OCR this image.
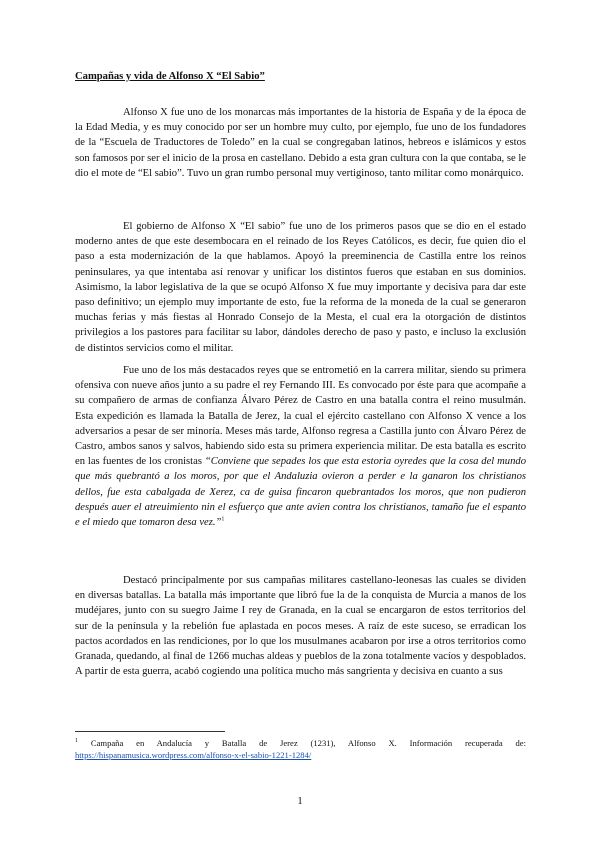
Campañas y vida de Alfonso X “El Sabio”

Alfonso X fue uno de los monarcas más importantes de la historia de España y de la época de la Edad Media, y es muy conocido por ser un hombre muy culto, por ejemplo, fue uno de los fundadores de la “Escuela de Traductores de Toledo” en la cual se congregaban latinos, hebreos e islámicos y estos son famosos por ser el inicio de la prosa en castellano. Debido a esta gran cultura con la que contaba, se le dio el mote de “El sabio”. Tuvo un gran rumbo personal muy vertiginoso, tanto militar como monárquico.

El gobierno de Alfonso X “El sabio” fue uno de los primeros pasos que se dio en el estado moderno antes de que este desembocara en el reinado de los Reyes Católicos, es decir, fue quien dio el paso a esta modernización de la que hablamos. Apoyó la preeminencia de Castilla entre los reinos peninsulares, ya que intentaba así renovar y unificar los distintos fueros que estaban en sus dominios. Asimismo, la labor legislativa de la que se ocupó Alfonso X fue muy importante y decisiva para dar este paso definitivo; un ejemplo muy importante de esto, fue la reforma de la moneda de la cual se generaron muchas ferias y más fiestas al Honrado Consejo de la Mesta, el cual era la otorgación de distintos privilegios a los pastores para facilitar su labor, dándoles derecho de paso y pasto, e incluso la exclusión de distintos servicios como el militar.

Fue uno de los más destacados reyes que se entrometió en la carrera militar, siendo su primera ofensiva con nueve años junto a su padre el rey Fernando III. Es convocado por éste para que acompañe a su compañero de armas de confianza Álvaro Pérez de Castro en una batalla contra el reino musulmán. Esta expedición es llamada la Batalla de Jerez, la cual el ejército castellano con Alfonso X vence a los adversarios a pesar de ser minoría. Meses más tarde, Alfonso regresa a Castilla junto con Álvaro Pérez de Castro, ambos sanos y salvos, habiendo sido esta su primera experiencia militar. De esta batalla es escrito en las fuentes de los cronistas “Conviene que sepades los que esta estoria oyredes que la cosa del mundo que más quebrantó a los moros, por que el Andaluzia ovieron a perder e la ganaron los christianos dellos, fue esta cabalgada de Xerez, ca de guisa fincaron quebrantados los moros, que non pudieron después auer el atreuimiento nin el esfuerço que ante avien contra los christianos, tamaño fue el espanto e el miedo que tomaron desa vez.”$^1$

Destacó principalmente por sus campañas militares castellano-leonesas las cuales se dividen en diversas batallas. La batalla más importante que libró fue la de la conquista de Murcia a manos de los mudéjares, junto con su suegro Jaime I rey de Granada, en la cual se encargaron de estos territorios del sur de la península y la rebelión fue aplastada en pocos meses. A raíz de este suceso, se erradican los pactos acordados en las rendiciones, por lo que los musulmanes acabaron por irse a otros territorios como Granada, quedando, al final de 1266 muchas aldeas y pueblos de la zona totalmente vacíos y despoblados. A partir de esta guerra, acabó cogiendo una política mucho más sangrienta y decisiva en cuanto a sus

$^1$ Campaña en Andalucía y Batalla de Jerez (1231), Alfonso X. Información recuperada de: https://hispanamusica.wordpress.com/alfonso-x-el-sabio-1221-1284/
1
